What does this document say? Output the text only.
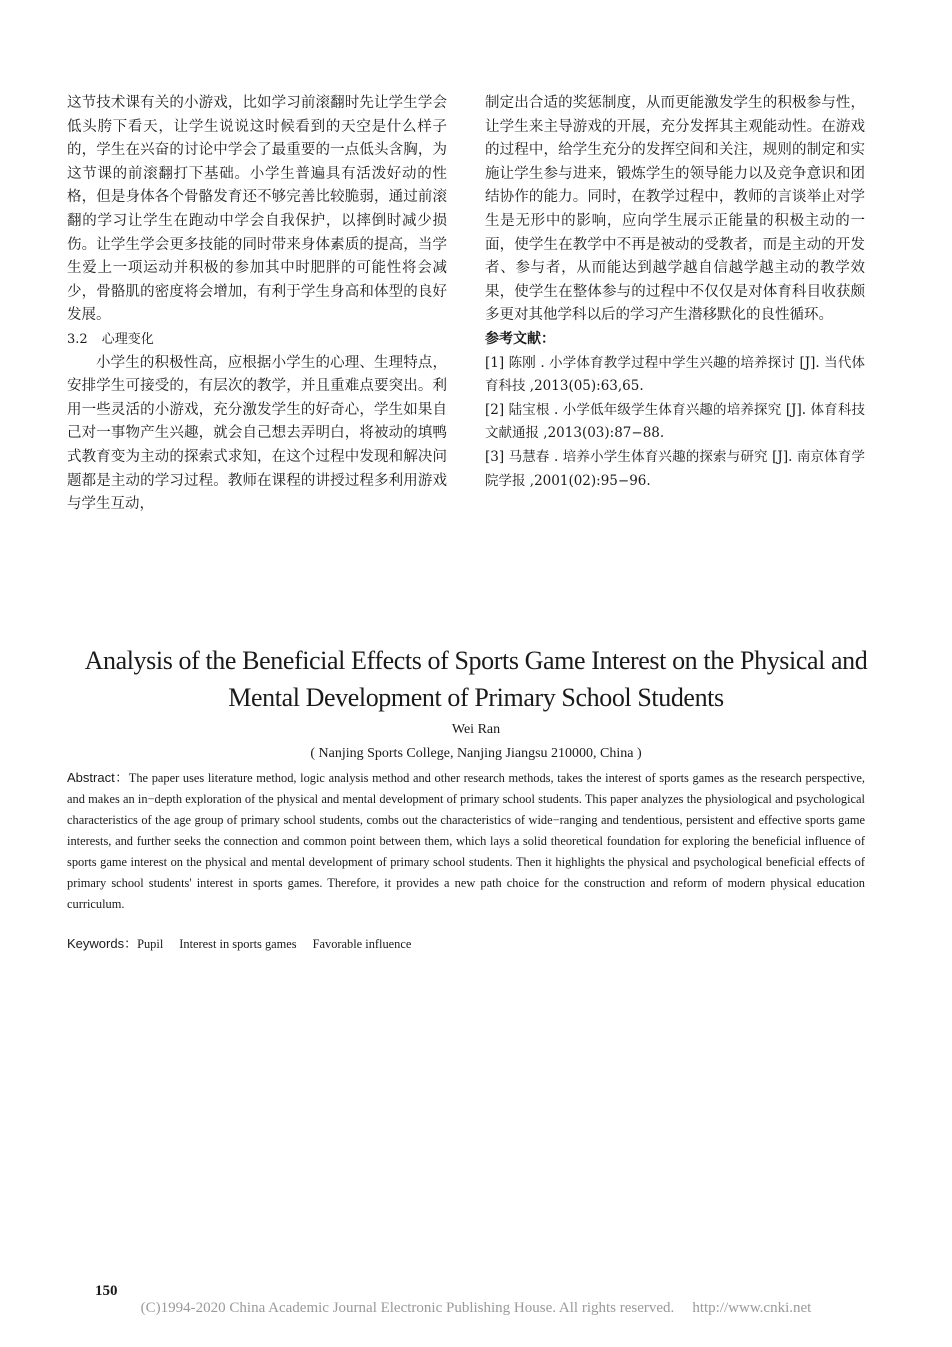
这节技术课有关的小游戏，比如学习前滚翻时先让学生学会低头胯下看天，让学生说说这时候看到的天空是什么样子的，学生在兴奋的讨论中学会了最重要的一点低头含胸，为这节课的前滚翻打下基础。小学生普遍具有活泼好动的性格，但是身体各个骨骼发育还不够完善比较脆弱，通过前滚翻的学习让学生在跑动中学会自我保护，以摔倒时减少损伤。让学生学会更多技能的同时带来身体素质的提高，当学生爱上一项运动并积极的参加其中时肥胖的可能性将会减少，骨骼肌的密度将会增加，有利于学生身高和体型的良好发展。

3.2 心理变化

小学生的积极性高，应根据小学生的心理、生理特点，安排学生可接受的，有层次的教学，并且重难点要突出。利用一些灵活的小游戏，充分激发学生的好奇心，学生如果自己对一事物产生兴趣，就会自己想去弄明白，将被动的填鸭式教育变为主动的探索式求知，在这个过程中发现和解决问题都是主动的学习过程。教师在课程的讲授过程多利用游戏与学生互动，

制定出合适的奖惩制度，从而更能激发学生的积极参与性，让学生来主导游戏的开展，充分发挥其主观能动性。在游戏的过程中，给学生充分的发挥空间和关注，规则的制定和实施让学生参与进来，锻炼学生的领导能力以及竞争意识和团结协作的能力。同时，在教学过程中，教师的言谈举止对学生是无形中的影响，应向学生展示正能量的积极主动的一面，使学生在教学中不再是被动的受教者，而是主动的开发者、参与者，从而能达到越学越自信越学越主动的教学效果，使学生在整体参与的过程中不仅仅是对体育科目收获颇多更对其他学科以后的学习产生潜移默化的良性循环。

参考文献：

[1] 陈刚 . 小学体育教学过程中学生兴趣的培养探讨 [J]. 当代体育科技 ,2013(05):63,65.

[2] 陆宝根 . 小学低年级学生体育兴趣的培养探究 [J]. 体育科技文献通报 ,2013(03):87−88.

[3] 马慧春 . 培养小学生体育兴趣的探索与研究 [J]. 南京体育学院学报 ,2001(02):95−96.

Analysis of the Beneficial Effects of Sports Game Interest on the Physical and
Mental Development of Primary School Students
Wei Ran
( Nanjing Sports College, Nanjing Jiangsu 210000, China )
Abstract：The paper uses literature method, logic analysis method and other research methods, takes the interest of sports games as the research perspective, and makes an in−depth exploration of the physical and mental development of primary school students. This paper analyzes the physiological and psychological characteristics of the age group of primary school students, combs out the characteristics of wide−ranging and tendentious, persistent and effective sports game interests, and further seeks the connection and common point between them, which lays a solid theoretical foundation for exploring the beneficial influence of sports game interest on the physical and mental development of primary school students. Then it highlights the physical and psychological beneficial effects of primary school students' interest in sports games. Therefore, it provides a new path choice for the construction and reform of modern physical education curriculum.
Keywords：Pupil Interest in sports games Favorable influence
150
(C)1994-2020 China Academic Journal Electronic Publishing House. All rights reserved. http://www.cnki.net
